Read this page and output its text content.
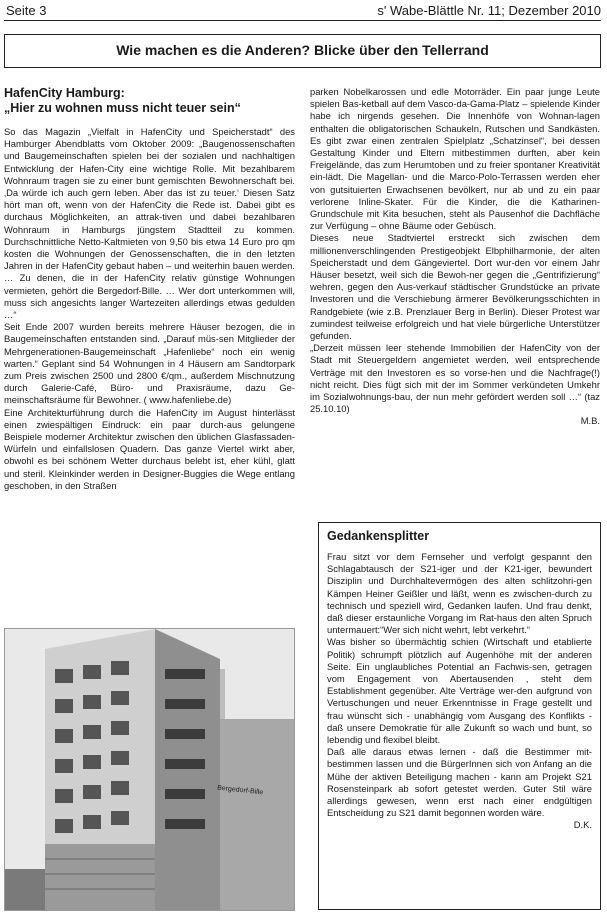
Seite 3	s' Wabe-Blättle Nr. 11; Dezember 2010
Wie machen es die Anderen? Blicke über den Tellerrand
HafenCity Hamburg:
„Hier zu wohnen muss nicht teuer sein“

So das Magazin „Vielfalt in HafenCity und Speicherstadt“ des Hamburger Abendblatts vom Oktober 2009: „Baugenossenschaften und Baugemeinschaften spielen bei der sozialen und nachhaltigen Entwicklung der Hafen-City eine wichtige Rolle. Mit bezahlbarem Wohnraum tragen sie zu einer bunt gemischten Bewohnerschaft bei. ‚Da würde ich auch gern leben. Aber das ist zu teuer.‘ Diesen Satz hört man oft, wenn von der HafenCity die Rede ist. Dabei gibt es durchaus Möglichkeiten, an attrak-tiven und dabei bezahlbaren Wohnraum in Hamburgs jüngstem Stadtteil zu kommen. Durchschnittliche Netto-Kaltmieten von 9,50 bis etwa 14 Euro pro qm kosten die Wohnungen der Genossenschaften, die in den letzten Jahren in der HafenCity gebaut haben – und weiterhin bauen werden. … Zu denen, die in der HafenCity relativ günstige Wohnungen vermieten, gehört die Bergedorf-Bille. … Wer dort unterkommen will, muss sich angesichts langer Wartezeiten allerdings etwas gedulden …“

Seit Ende 2007 wurden bereits mehrere Häuser bezogen, die in Baugemeinschaften entstanden sind. „Darauf müs-sen Mitglieder der Mehrgenerationen-Baugemeinschaft „Hafenliebe“ noch ein wenig warten.“ Geplant sind 54 Wohnungen in 4 Häusern am Sandtorpark zum Preis zwischen 2500 und 2800 €/qm., außerdem Mischnutzung durch Galerie-Café, Büro- und Praxisräume, dazu Ge-meinschaftsräume für Bewohner. ( www.hafenliebe.de)

Eine Architekturführung durch die HafenCity im August hinterlässt einen zwiespältigen Eindruck: ein paar durch-aus gelungene Beispiele moderner Architektur zwischen den üblichen Glasfassaden-Würfeln und einfallslosen Quadern. Das ganze Viertel wirkt aber, obwohl es bei schönem Wetter durchaus belebt ist, eher kühl, glatt und steril. Kleinkinder werden in Designer-Buggies die Wege entlang geschoben, in den Straßen

Bergedorf-Bille

parken Nobelkarossen und edle Motorräder. Ein paar junge Leute spielen Bas-ketball auf dem Vasco-da-Gama-Platz – spielende Kinder habe ich nirgends gesehen. Die Innenhöfe von Wohnan-lagen enthalten die obligatorischen Schaukeln, Rutschen und Sandkästen. Es gibt zwar einen zentralen Spielplatz „Schatzinsel“, bei dessen Gestaltung Kinder und Eltern mitbestimmen durften, aber kein Freigelände, das zum Herumtoben und zu freier spontaner Kreativität ein-lädt. Die Magellan- und die Marco-Polo-Terrassen werden eher von gutsituierten Erwachsenen bevölkert, nur ab und zu ein paar verlorene Inline-Skater. Für die Kinder, die die Katharinen-Grundschule mit Kita besuchen, steht als Pausenhof die Dachfläche zur Verfügung – ohne Bäume oder Gebüsch.

Dieses neue Stadtviertel erstreckt sich zwischen dem millionenverschlingenden Prestigeobjekt Elbphilharmonie, der alten Speicherstadt und dem Gängeviertel. Dort wur-den vor einem Jahr Häuser besetzt, weil sich die Bewoh-ner gegen die „Gentrifizierung“ wehren, gegen den Aus-verkauf städtischer Grundstücke an private Investoren und die Verschiebung ärmerer Bevölkerungsschichten in Randgebiete (wie z.B. Prenzlauer Berg in Berlin). Dieser Protest war zumindest teilweise erfolgreich und hat viele bürgerliche Unterstützer gefunden.

„Derzeit müssen leer stehende Immobilien der HafenCity von der Stadt mit Steuergeldern angemietet werden, weil entsprechende Verträge mit den Investoren es so vorse-hen und die Nachfrage(!) nicht reicht. Dies fügt sich mit der im Sommer verkündeten Umkehr im Sozialwohnungs-bau, der nun mehr gefördert werden soll …“ (taz 25.10.10)

M.B.

Gedankensplitter

Frau sitzt vor dem Fernseher und verfolgt gespannt den Schlagabtausch der S21-iger und der K21-iger, bewundert Disziplin und Durchhaltevermögen des alten schlitzohri-gen Kämpen Heiner Geißler und läßt, wenn es zwischen-durch zu technisch und speziell wird, Gedanken laufen. Und frau denkt, daß dieser erstaunliche Vorgang im Rat-haus den alten Spruch untermauert:“Wer sich nicht wehrt, lebt verkehrt.“

Was bisher so übermächtig schien (Wirtschaft und etablierte Politik) schrumpft plötzlich auf Augenhöhe mit der anderen Seite. Ein unglaubliches Potential an Fachwis-sen, getragen vom Engagement von Abertausenden , steht dem Establishment gegenüber. Alte Verträge wer-den aufgrund von Vertuschungen und neuer Erkenntnisse in Frage gestellt und frau wünscht sich - unabhängig vom Ausgang des Konflikts - daß unsere Demokratie für alle Zukunft so wach und bunt, so lebendig und flexibel bleibt.

Daß alle daraus etwas lernen - daß die Bestimmer mit-bestimmen lassen und die BürgerInnen sich von Anfang an die Mühe der aktiven Beteiligung machen - kann am Projekt S21 Rosensteinpark ab sofort getestet werden. Guter Stil wäre allerdings gewesen, wenn erst nach einer endgültigen Entscheidung zu S21 damit begonnen worden wäre.

D.K.
